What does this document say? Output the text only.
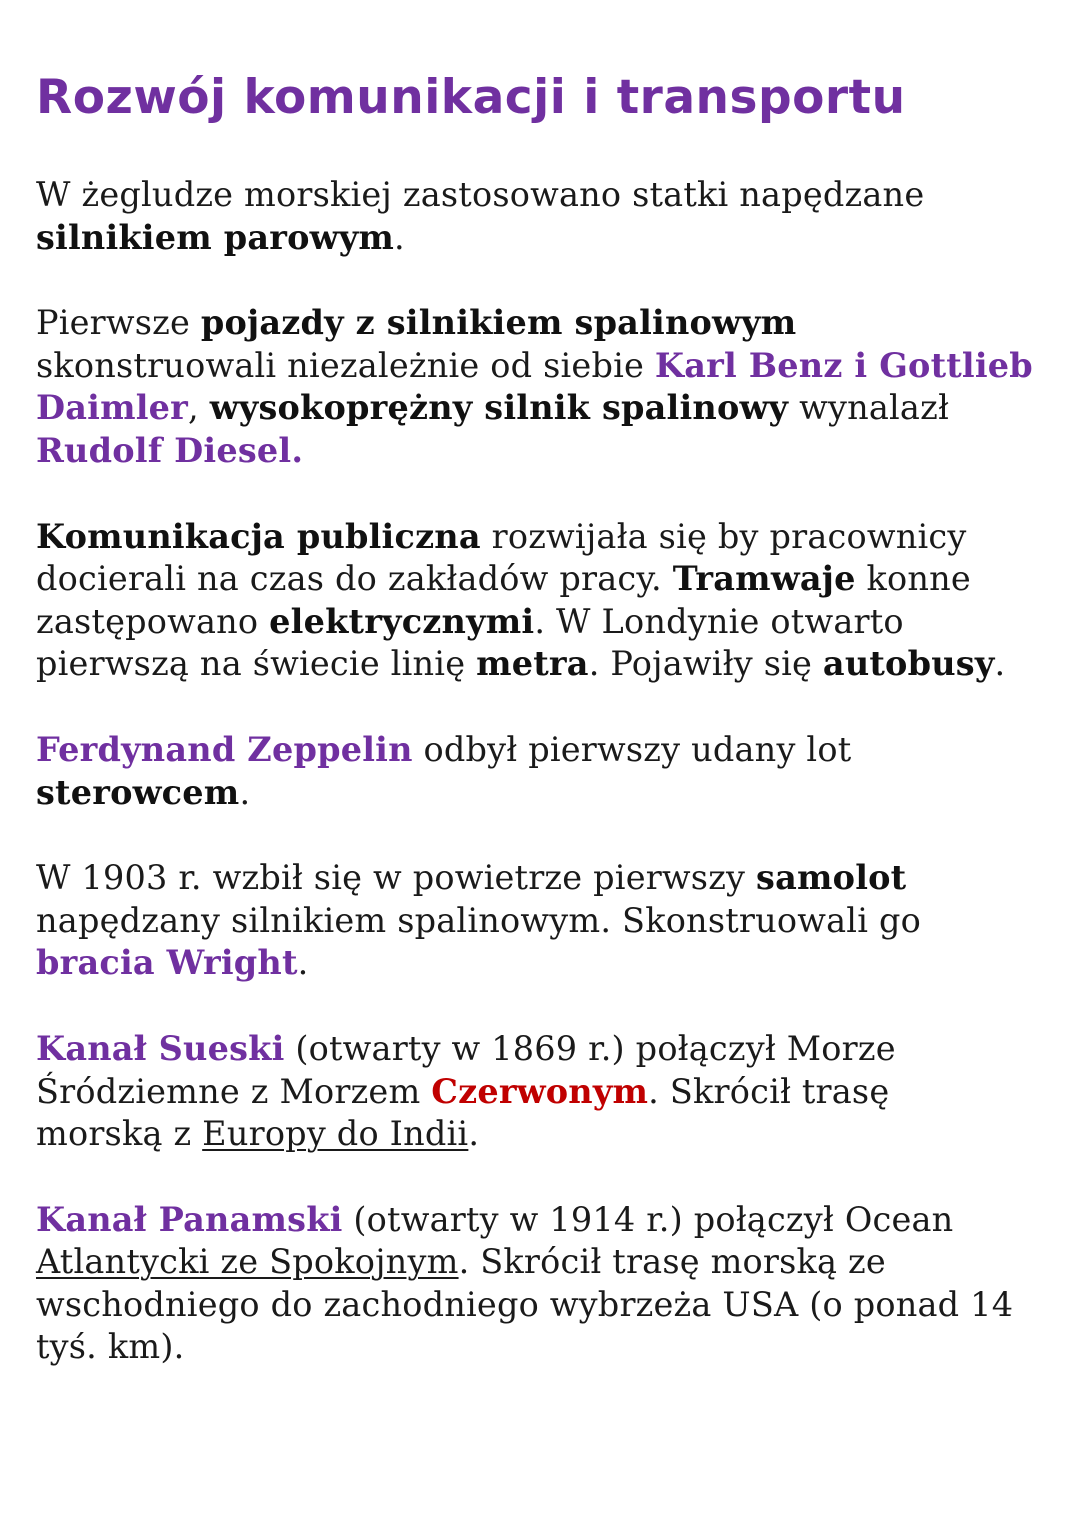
Rozwój komunikacji i transportu

W żegludze morskiej zastosowano statki napędzane
silnikiem parowym.

Pierwsze pojazdy z silnikiem spalinowym
skonstruowali niezależnie od siebie Karl Benz i Gottlieb
Daimler, wysokoprężny silnik spalinowy wynalazł
Rudolf Diesel.

Komunikacja publiczna rozwijała się by pracownicy
docierali na czas do zakładów pracy. Tramwaje konne
zastępowano elektrycznymi. W Londynie otwarto
pierwszą na świecie linię metra. Pojawiły się autobusy.

Ferdynand Zeppelin odbył pierwszy udany lot
sterowcem.

W 1903 r. wzbił się w powietrze pierwszy samolot
napędzany silnikiem spalinowym. Skonstruowali go
bracia Wright.

Kanał Sueski (otwarty w 1869 r.) połączył Morze
Śródziemne z Morzem Czerwonym. Skrócił trasę
morską z Europy do Indii.

Kanał Panamski (otwarty w 1914 r.) połączył Ocean
Atlantycki ze Spokojnym. Skrócił trasę morską ze
wschodniego do zachodniego wybrzeża USA (o ponad 14
tyś. km).
